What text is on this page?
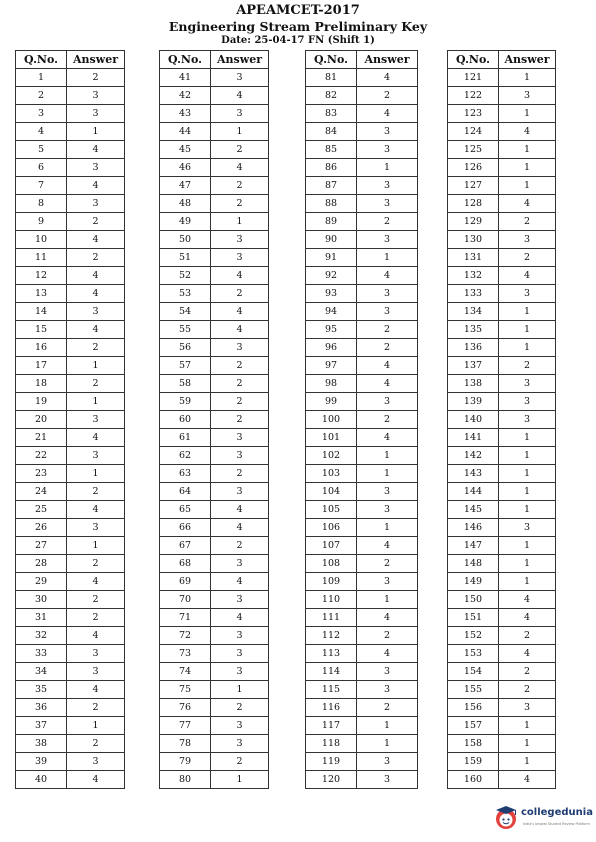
APEAMCET-2017
Engineering Stream Preliminary Key
Date: 25-04-17 FN (Shift 1)
Q.No.	Answer
1	2
2	3
3	3
4	1
5	4
6	3
7	4
8	3
9	2
10	4
11	2
12	4
13	4
14	3
15	4
16	2
17	1
18	2
19	1
20	3
21	4
22	3
23	1
24	2
25	4
26	3
27	1
28	2
29	4
30	2
31	2
32	4
33	3
34	3
35	4
36	2
37	1
38	2
39	3
40	4
Q.No.	Answer
41	3
42	4
43	3
44	1
45	2
46	4
47	2
48	2
49	1
50	3
51	3
52	4
53	2
54	4
55	4
56	3
57	2
58	2
59	2
60	2
61	3
62	3
63	2
64	3
65	4
66	4
67	2
68	3
69	4
70	3
71	4
72	3
73	3
74	3
75	1
76	2
77	3
78	3
79	2
80	1
Q.No.	Answer
81	4
82	2
83	4
84	3
85	3
86	1
87	3
88	3
89	2
90	3
91	1
92	4
93	3
94	3
95	2
96	2
97	4
98	4
99	3
100	2
101	4
102	1
103	1
104	3
105	3
106	1
107	4
108	2
109	3
110	1
111	4
112	2
113	4
114	3
115	3
116	2
117	1
118	1
119	3
120	3
Q.No.	Answer
121	1
122	3
123	1
124	4
125	1
126	1
127	1
128	4
129	2
130	3
131	2
132	4
133	3
134	1
135	1
136	1
137	2
138	3
139	3
140	3
141	1
142	1
143	1
144	1
145	1
146	3
147	1
148	1
149	1
150	4
151	4
152	2
153	4
154	2
155	2
156	3
157	1
158	1
159	1
160	4
collegedunia
India's largest Student Review Platform
